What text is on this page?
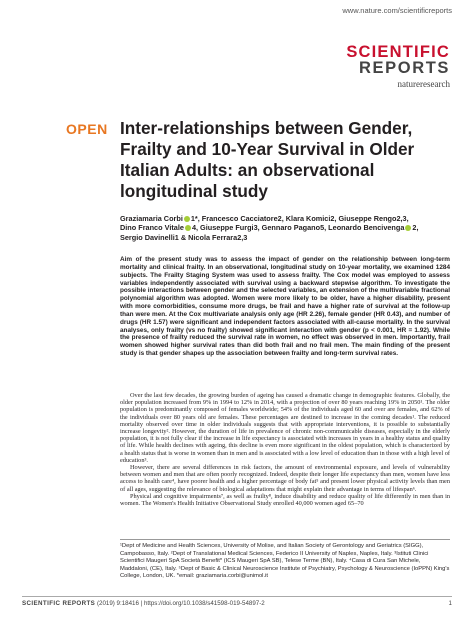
www.nature.com/scientificreports
SCIENTIFIC
REPORTS
natureresearch
OPEN Inter-relationships between Gender, Frailty and 10-Year Survival in Older Italian Adults: an observational longitudinal study
Graziamaria Corbi 1*, Francesco Cacciatore2, Klara Komici2, Giuseppe Rengo2,3,
Dino Franco Vitale 4, Giuseppe Furgi3, Gennaro Pagano5, Leonardo Bencivenga 2,
Sergio Davinelli1 & Nicola Ferrara2,3
Aim of the present study was to assess the impact of gender on the relationship between long-term mortality and clinical frailty. In an observational, longitudinal study on 10-year mortality, we examined 1284 subjects. The Frailty Staging System was used to assess frailty. The Cox model was employed to assess variables independently associated with survival using a backward stepwise algorithm. To investigate the possible interactions between gender and the selected variables, an extension of the multivariable fractional polynomial algorithm was adopted. Women were more likely to be older, have a higher disability, present with more comorbidities, consume more drugs, be frail and have a higher rate of survival at the follow-up than were men. At the Cox multivariate analysis only age (HR 2.26), female gender (HR 0.43), and number of drugs (HR 1.57) were significant and independent factors associated with all-cause mortality. In the survival analyses, only frailty (vs no frailty) showed significant interaction with gender (p < 0.001, HR = 1.92). While the presence of frailty reduced the survival rate in women, no effect was observed in men. Importantly, frail women showed higher survival rates than did both frail and no frail men. The main finding of the present study is that gender shapes up the association between frailty and long-term survival rates.

Over the last few decades, the growing burden of ageing has caused a dramatic change in demographic features. Globally, the older population increased from 9% in 1994 to 12% in 2014, with a projection of over 80 years reaching 19% in 2050¹. The older population is predominantly composed of females worldwide; 54% of the individuals aged 60 and over are females, and 62% of the individuals over 80 years old are females. These percentages are destined to increase in the coming decades¹. The reduced mortality observed over time in older individuals suggests that with appropriate interventions, it is possible to substantially increase longevity². However, the duration of life in prevalence of chronic non-communicable diseases, especially in the elderly population, it is not fully clear if the increase in life expectancy is associated with increases in years in a healthy status and quality of life. While health declines with ageing, this decline is even more significant in the oldest population, which is characterized by a health status that is worse in women than in men and is associated with a low level of education than in those with a high level of education³.

However, there are several differences in risk factors, the amount of environmental exposure, and levels of vulnerability between women and men that are often poorly recognized. Indeed, despite their longer life expectancy than men, women have less access to health care⁴, have poorer health and a higher percentage of body fat⁵ and present lower physical activity levels than men of all ages, suggesting the relevance of biological adaptations that might explain their advantage in terms of lifespan⁶.

Physical and cognitive impairments⁷, as well as frailty⁸, induce disability and reduce quality of life differently in men than in women. The Women's Health Initiative Observational Study enrolled 40,000 women aged 65–70

¹Dept of Medicine and Health Sciences, University of Molise, and Italian Society of Gerontology and Geriatrics (SIGG), Campobasso, Italy. ²Dept of Translational Medical Sciences, Federico II University of Naples, Naples, Italy. ³Istituti Clinici Scientifici Maugeri SpA Società Benefit* (ICS Maugeri SpA SB), Telese Terme (BN), Italy. ⁴Casa di Cura San Michele, Maddaloni, (CE), Italy. ⁵Dept of Basic & Clinical Neuroscience Institute of Psychiatry, Psychology & Neuroscience (IoPPN) King's College, London, UK. *email: graziamaria.corbi@unimol.it
SCIENTIFIC REPORTS (2019) 9:18416 | https://doi.org/10.1038/s41598-019-54897-2	1
